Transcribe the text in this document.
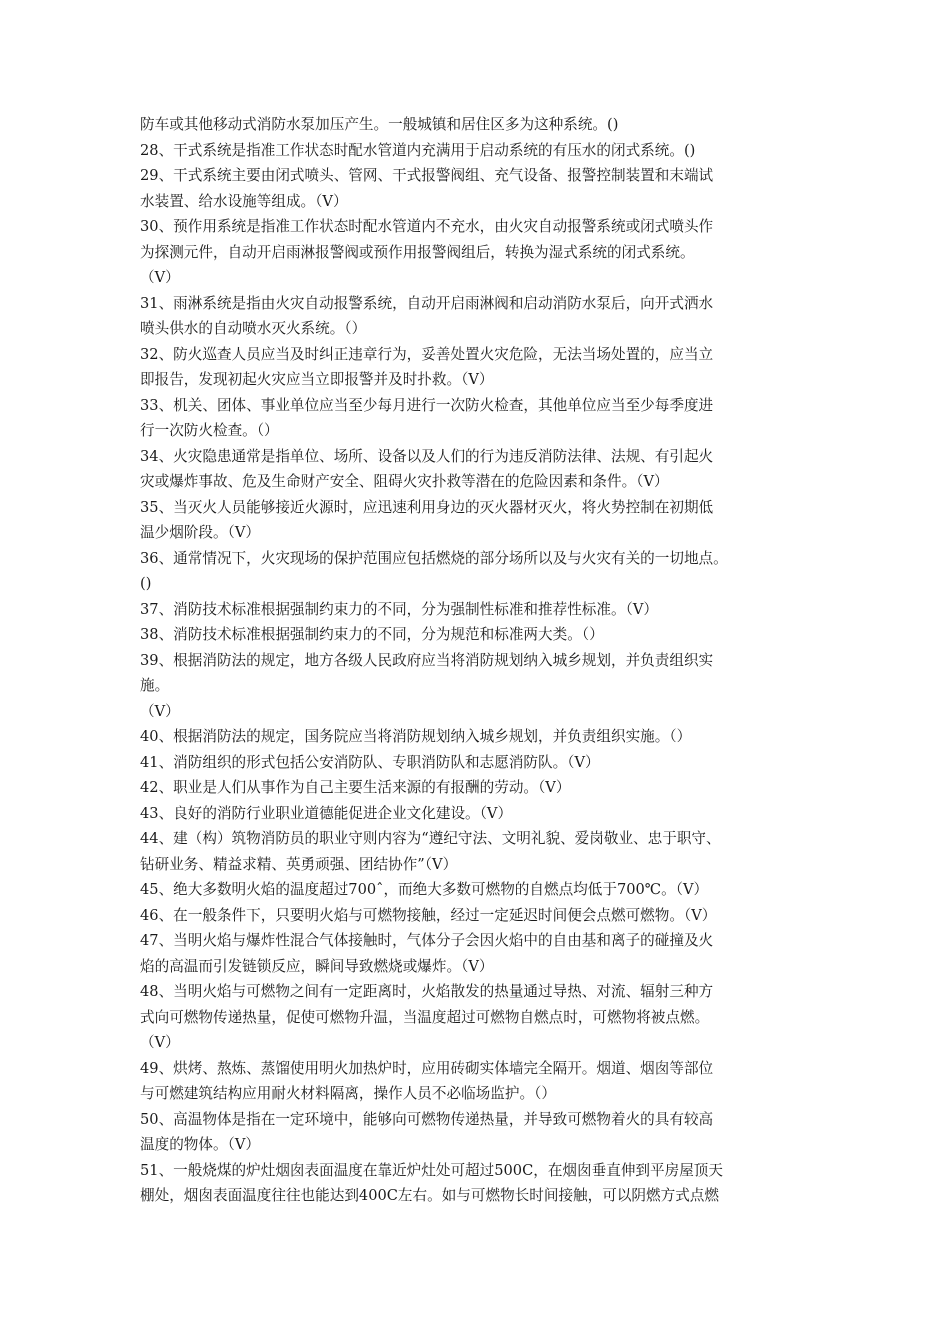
防车或其他移动式消防水泵加压产生。一般城镇和居住区多为这种系统。()

28、干式系统是指准工作状态时配水管道内充满用于启动系统的有压水的闭式系统。()

29、干式系统主要由闭式喷头、管网、干式报警阀组、充气设备、报警控制装置和末端试
水装置、给水设施等组成。（V）

30、预作用系统是指准工作状态时配水管道内不充水，由火灾自动报警系统或闭式喷头作
为探测元件，自动开启雨淋报警阀或预作用报警阀组后，转换为湿式系统的闭式系统。
（V）

31、雨淋系统是指由火灾自动报警系统，自动开启雨淋阀和启动消防水泵后，向开式洒水
喷头供水的自动喷水灭火系统。（）

32、防火巡查人员应当及时纠正违章行为，妥善处置火灾危险，无法当场处置的，应当立
即报告，发现初起火灾应当立即报警并及时扑救。（V）

33、机关、团体、事业单位应当至少每月进行一次防火检查，其他单位应当至少每季度进
行一次防火检查。（）

34、火灾隐患通常是指单位、场所、设备以及人们的行为违反消防法律、法规、有引起火
灾或爆炸事故、危及生命财产安全、阻碍火灾扑救等潜在的危险因素和条件。（V）

35、当灭火人员能够接近火源时，应迅速利用身边的灭火器材灭火，将火势控制在初期低
温少烟阶段。（V）

36、通常情况下，火灾现场的保护范围应包括燃烧的部分场所以及与火灾有关的一切地点。
()

37、消防技术标准根据强制约束力的不同，分为强制性标准和推荐性标准。（V）

38、消防技术标准根据强制约束力的不同，分为规范和标准两大类。（）

39、根据消防法的规定，地方各级人民政府应当将消防规划纳入城乡规划，并负责组织实
施。
（V）

40、根据消防法的规定，国务院应当将消防规划纳入城乡规划，并负责组织实施。（）

41、消防组织的形式包括公安消防队、专职消防队和志愿消防队。（V）

42、职业是人们从事作为自己主要生活来源的有报酬的劳动。（V）

43、良好的消防行业职业道德能促进企业文化建设。（V）

44、建（构）筑物消防员的职业守则内容为“遵纪守法、文明礼貌、爱岗敬业、忠于职守、
钻研业务、精益求精、英勇顽强、团结协作”（V）

45、绝大多数明火焰的温度超过700ˆ，而绝大多数可燃物的自燃点均低于700℃。（V）

46、在一般条件下，只要明火焰与可燃物接触，经过一定延迟时间便会点燃可燃物。（V）

47、当明火焰与爆炸性混合气体接触时，气体分子会因火焰中的自由基和离子的碰撞及火
焰的高温而引发链锁反应，瞬间导致燃烧或爆炸。（V）

48、当明火焰与可燃物之间有一定距离时，火焰散发的热量通过导热、对流、辐射三种方
式向可燃物传递热量，促使可燃物升温，当温度超过可燃物自燃点时，可燃物将被点燃。
（V）

49、烘烤、熬炼、蒸馏使用明火加热炉时，应用砖砌实体墙完全隔开。烟道、烟囱等部位
与可燃建筑结构应用耐火材料隔离，操作人员不必临场监护。（）

50、高温物体是指在一定环境中，能够向可燃物传递热量，并导致可燃物着火的具有较高
温度的物体。（V）

51、一般烧煤的炉灶烟囱表面温度在靠近炉灶处可超过500C，在烟囱垂直伸到平房屋顶天
棚处，烟囱表面温度往往也能达到400C左右。如与可燃物长时间接触，可以阴燃方式点燃
